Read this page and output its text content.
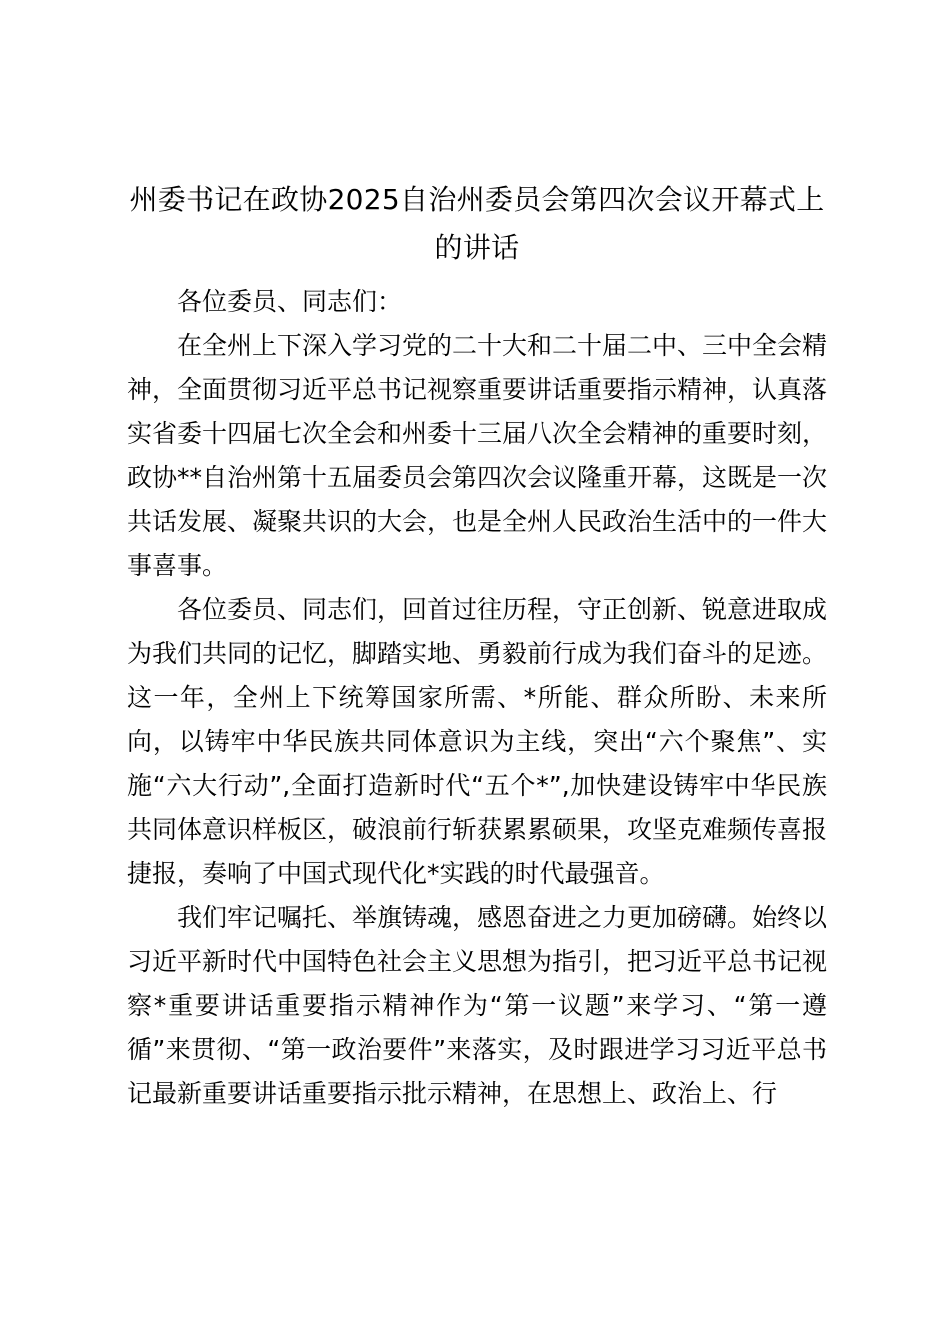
州委书记在政协2025自治州委员会第四次会议开幕式上的讲话

各位委员、同志们：

在全州上下深入学习党的二十大和二十届二中、三中全会精神，全面贯彻习近平总书记视察重要讲话重要指示精神，认真落实省委十四届七次全会和州委十三届八次全会精神的重要时刻，政协**自治州第十五届委员会第四次会议隆重开幕，这既是一次共话发展、凝聚共识的大会，也是全州人民政治生活中的一件大事喜事。

各位委员、同志们，回首过往历程，守正创新、锐意进取成为我们共同的记忆，脚踏实地、勇毅前行成为我们奋斗的足迹。这一年，全州上下统筹国家所需、*所能、群众所盼、未来所向，以铸牢中华民族共同体意识为主线，突出“六个聚焦”、实施“六大行动”,全面打造新时代“五个*”,加快建设铸牢中华民族共同体意识样板区，破浪前行斩获累累硕果，攻坚克难频传喜报捷报，奏响了中国式现代化*实践的时代最强音。

我们牢记嘱托、举旗铸魂，感恩奋进之力更加磅礴。始终以习近平新时代中国特色社会主义思想为指引，把习近平总书记视察*重要讲话重要指示精神作为“第一议题”来学习、“第一遵循”来贯彻、“第一政治要件”来落实，及时跟进学习习近平总书记最新重要讲话重要指示批示精神，在思想上、政治上、行
